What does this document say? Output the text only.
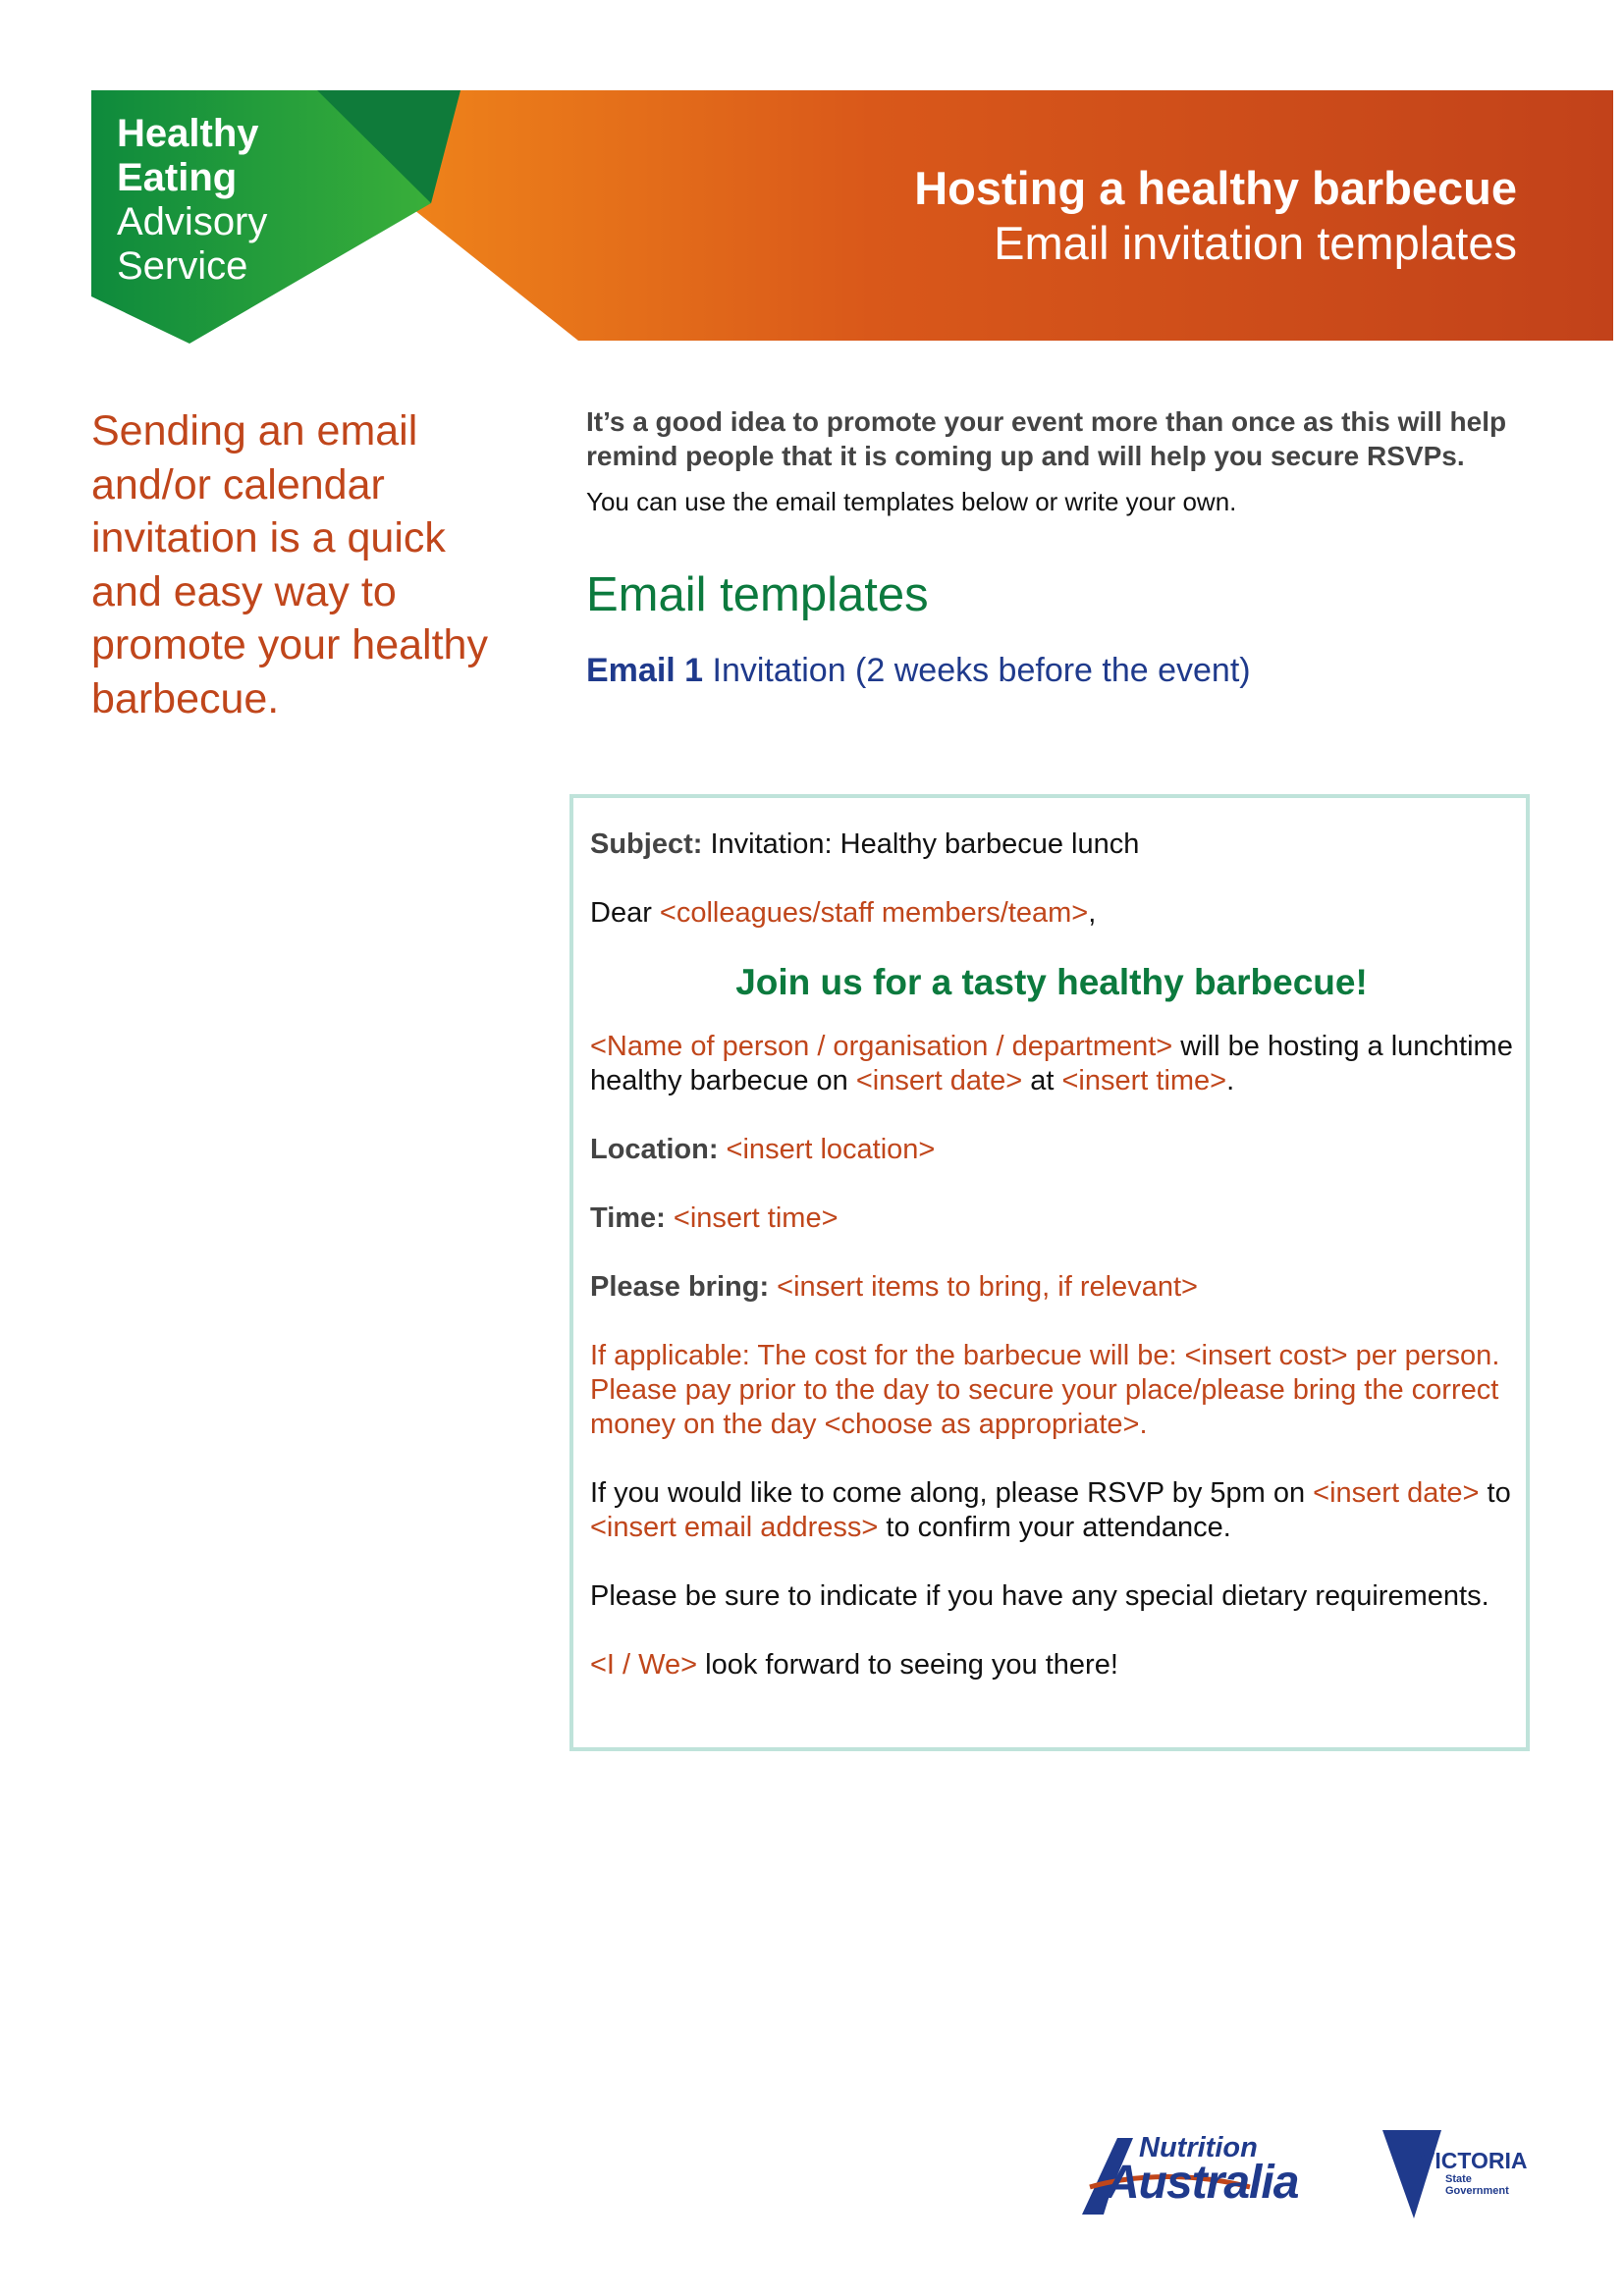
Healthy
Eating
Advisory
Service
Hosting a healthy barbecue
Email invitation templates
Sending an email and/or calendar invitation is a quick and easy way to promote your healthy barbecue.

It’s a good idea to promote your event more than once as this will help remind people that it is coming up and will help you secure RSVPs.

You can use the email templates below or write your own.

Email templates
Email 1 Invitation (2 weeks before the event)

Subject: Invitation: Healthy barbecue lunch

Dear <colleagues/staff members/team>,

Join us for a tasty healthy barbecue!

<Name of person / organisation / department> will be hosting a lunchtime healthy barbecue on <insert date> at <insert time>.

Location: <insert location>

Time: <insert time>

Please bring: <insert items to bring, if relevant>

If applicable: The cost for the barbecue will be: <insert cost> per person. Please pay prior to the day to secure your place/please bring the correct money on the day <choose as appropriate>.

If you would like to come along, please RSVP by 5pm on <insert date> to <insert email address> to confirm your attendance.

Please be sure to indicate if you have any special dietary requirements.

<I / We> look forward to seeing you there!

Nutrition
Australia	VICTORIA
State
Government
